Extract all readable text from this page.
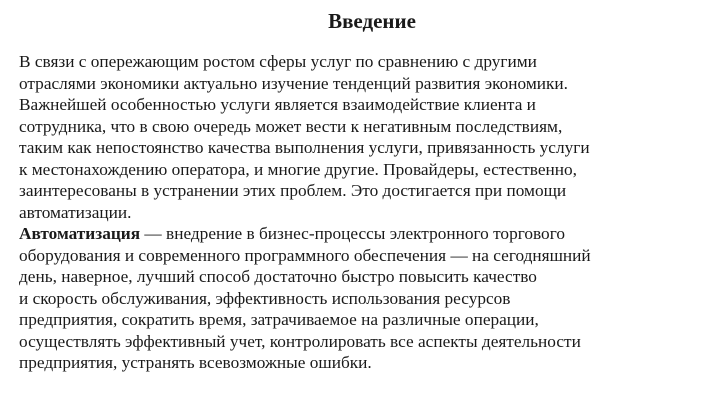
Введение
В связи с опережающим ростом сферы услуг по сравнению с другими
отраслями экономики актуально изучение тенденций развития экономики.
Важнейшей особенностью услуги является взаимодействие клиента и
сотрудника, что в свою очередь может вести к негативным последствиям,
таким как непостоянство качества выполнения услуги, привязанность услуги
к местонахождению оператора, и многие другие. Провайдеры, естественно,
заинтересованы в устранении этих проблем. Это достигается при помощи
автоматизации.
Автоматизация — внедрение в бизнес-процессы электронного торгового
оборудования и современного программного обеспечения — на сегодняшний
день, наверное, лучший способ достаточно быстро повысить качество
и скорость обслуживания, эффективность использования ресурсов
предприятия, сократить время, затрачиваемое на различные операции,
осуществлять эффективный учет, контролировать все аспекты деятельности
предприятия, устранять всевозможные ошибки.
